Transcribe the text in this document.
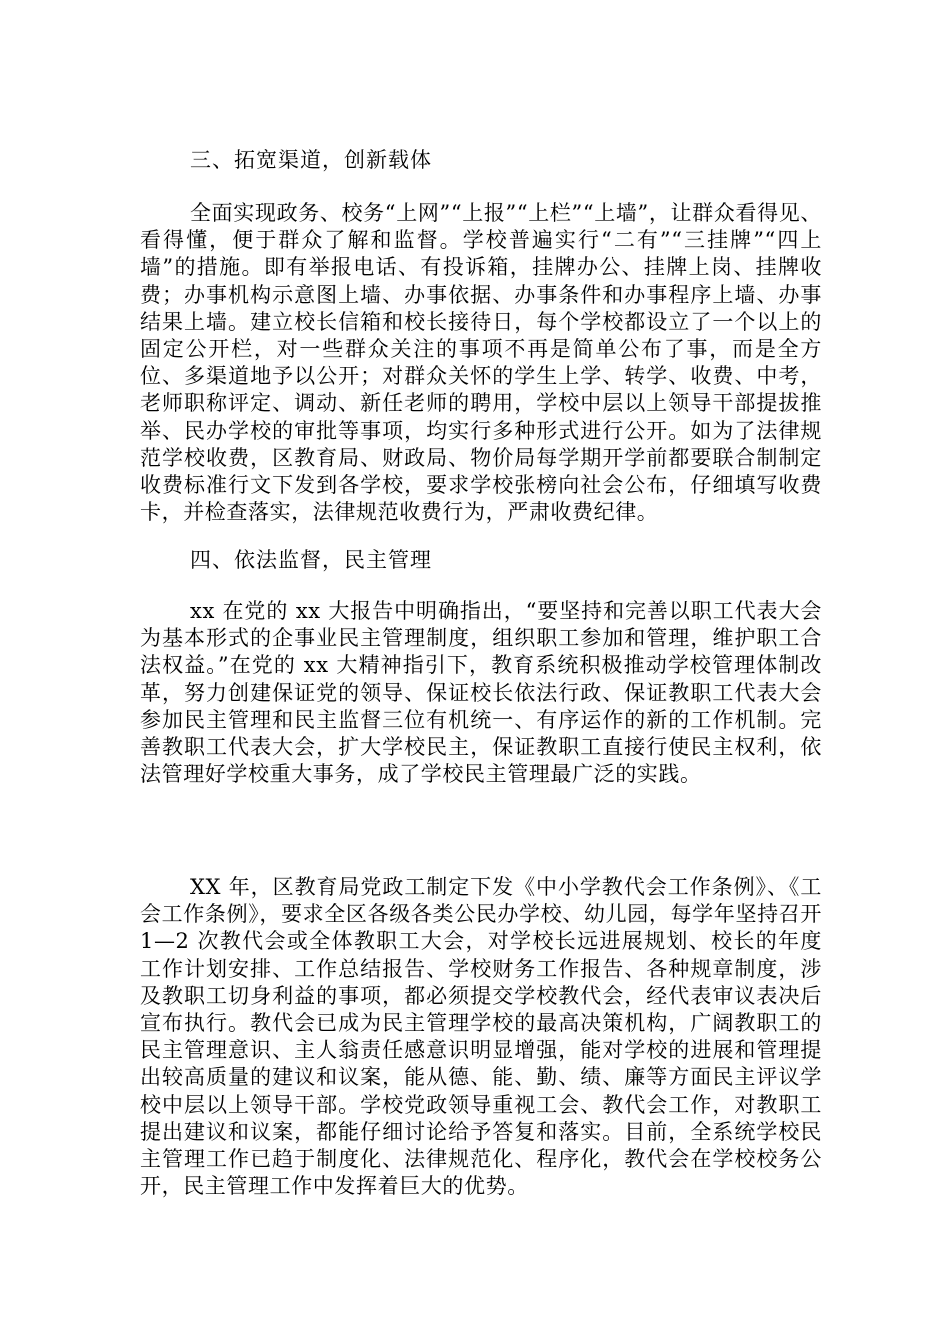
三、拓宽渠道，创新载体
全面实现政务、校务“上网”“上报”“上栏”“上墙”，让群众看得见、看得懂，便于群众了解和监督。学校普遍实行“二有”“三挂牌”“四上墙”的措施。即有举报电话、有投诉箱，挂牌办公、挂牌上岗、挂牌收费；办事机构示意图上墙、办事依据、办事条件和办事程序上墙、办事结果上墙。建立校长信箱和校长接待日，每个学校都设立了一个以上的固定公开栏，对一些群众关注的事项不再是简单公布了事，而是全方位、多渠道地予以公开；对群众关怀的学生上学、转学、收费、中考，老师职称评定、调动、新任老师的聘用，学校中层以上领导干部提拔推举、民办学校的审批等事项，均实行多种形式进行公开。如为了法律规范学校收费，区教育局、财政局、物价局每学期开学前都要联合制制定收费标准行文下发到各学校，要求学校张榜向社会公布，仔细填写收费卡，并检查落实，法律规范收费行为，严肃收费纪律。
四、依法监督，民主管理
xx 在党的 xx 大报告中明确指出，“要坚持和完善以职工代表大会为基本形式的企事业民主管理制度，组织职工参加和管理，维护职工合法权益。”在党的 xx 大精神指引下，教育系统积极推动学校管理体制改革，努力创建保证党的领导、保证校长依法行政、保证教职工代表大会参加民主管理和民主监督三位有机统一、有序运作的新的工作机制。完善教职工代表大会，扩大学校民主，保证教职工直接行使民主权利，依法管理好学校重大事务，成了学校民主管理最广泛的实践。
XX 年，区教育局党政工制定下发《中小学教代会工作条例》、《工会工作条例》，要求全区各级各类公民办学校、幼儿园，每学年坚持召开 1—2 次教代会或全体教职工大会，对学校长远进展规划、校长的年度工作计划安排、工作总结报告、学校财务工作报告、各种规章制度，涉及教职工切身利益的事项，都必须提交学校教代会，经代表审议表决后宣布执行。教代会已成为民主管理学校的最高决策机构，广阔教职工的民主管理意识、主人翁责任感意识明显增强，能对学校的进展和管理提出较高质量的建议和议案，能从德、能、勤、绩、廉等方面民主评议学校中层以上领导干部。学校党政领导重视工会、教代会工作，对教职工提出建议和议案，都能仔细讨论给予答复和落实。目前，全系统学校民主管理工作已趋于制度化、法律规范化、程序化，教代会在学校校务公开，民主管理工作中发挥着巨大的优势。
